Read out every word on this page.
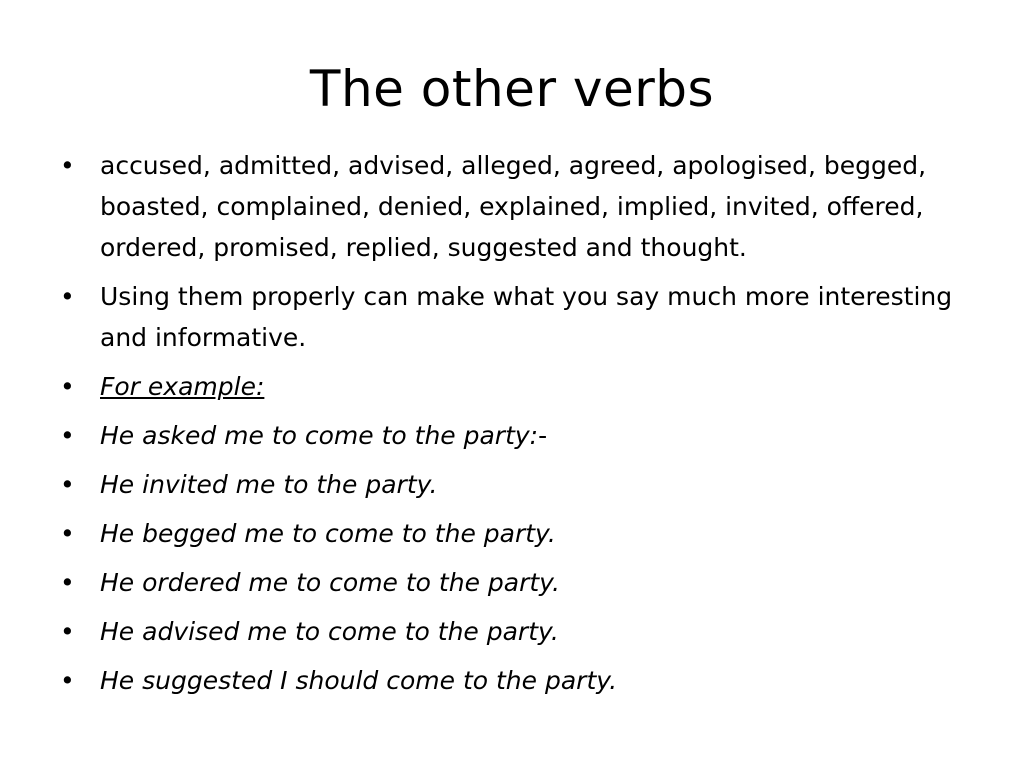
The other verbs
• accused, admitted, advised, alleged, agreed, apologised, begged, boasted, complained, denied, explained, implied, invited, offered, ordered, promised, replied, suggested and thought.
• Using them properly can make what you say much more interesting and informative.
• For example:
• He asked me to come to the party:-
• He invited me to the party.
• He begged me to come to the party.
• He ordered me to come to the party.
• He advised me to come to the party.
• He suggested I should come to the party.
